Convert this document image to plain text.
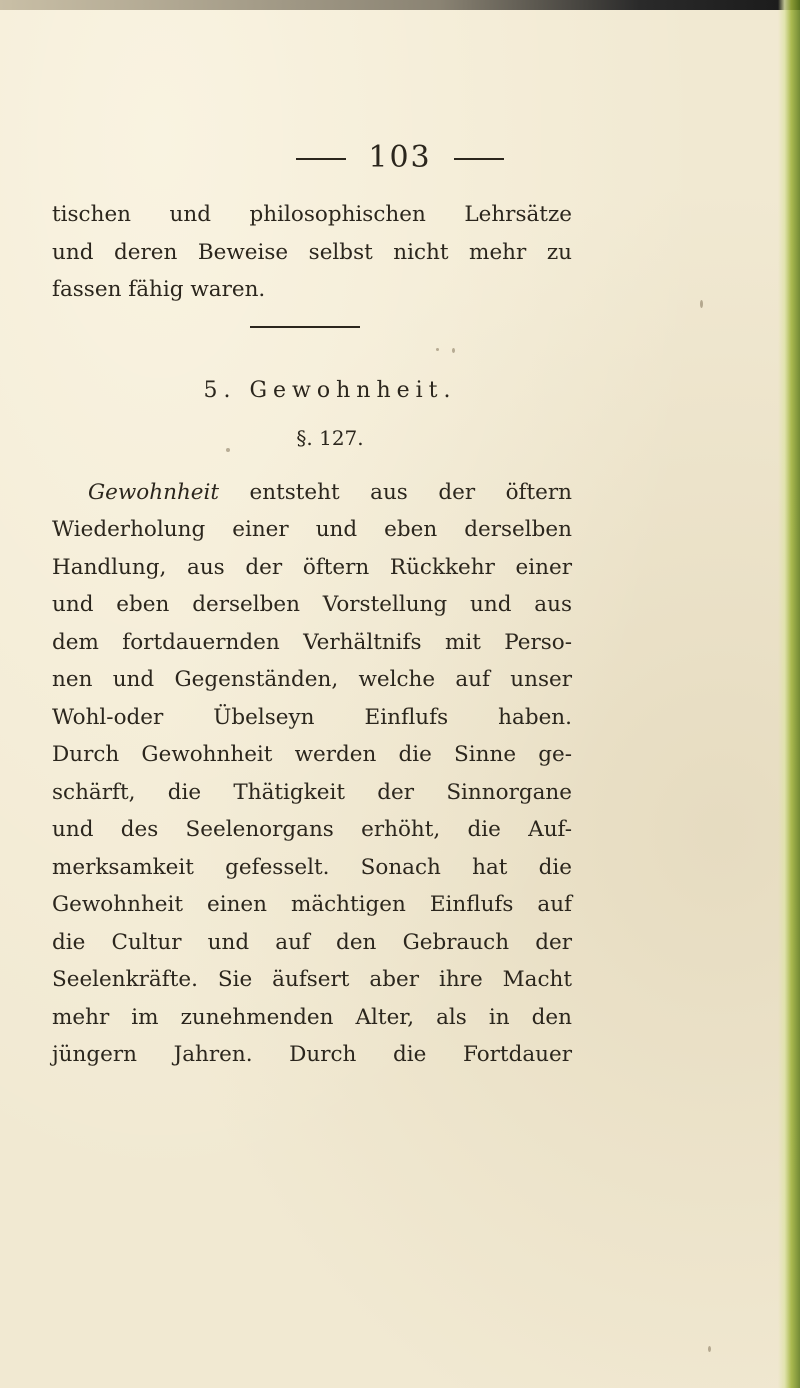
103
tischen und philosophischen Lehrsätze
und deren Beweise selbst nicht mehr zu
fassen fähig waren.
5. Gewohnheit.
§. 127.
Gewohnheit entsteht aus der öftern
Wiederholung einer und eben derselben
Handlung, aus der öftern Rückkehr einer
und eben derselben Vorstellung und aus
dem fortdauernden Verhältnifs mit Perso-
nen und Gegenständen, welche auf unser
Wohl-oder Übelseyn Einflufs haben.
Durch Gewohnheit werden die Sinne ge-
schärft, die Thätigkeit der Sinnorgane
und des Seelenorgans erhöht, die Auf-
merksamkeit gefesselt. Sonach hat die
Gewohnheit einen mächtigen Einflufs auf
die Cultur und auf den Gebrauch der
Seelenkräfte. Sie äufsert aber ihre Macht
mehr im zunehmenden Alter, als in den
jüngern Jahren. Durch die Fortdauer
